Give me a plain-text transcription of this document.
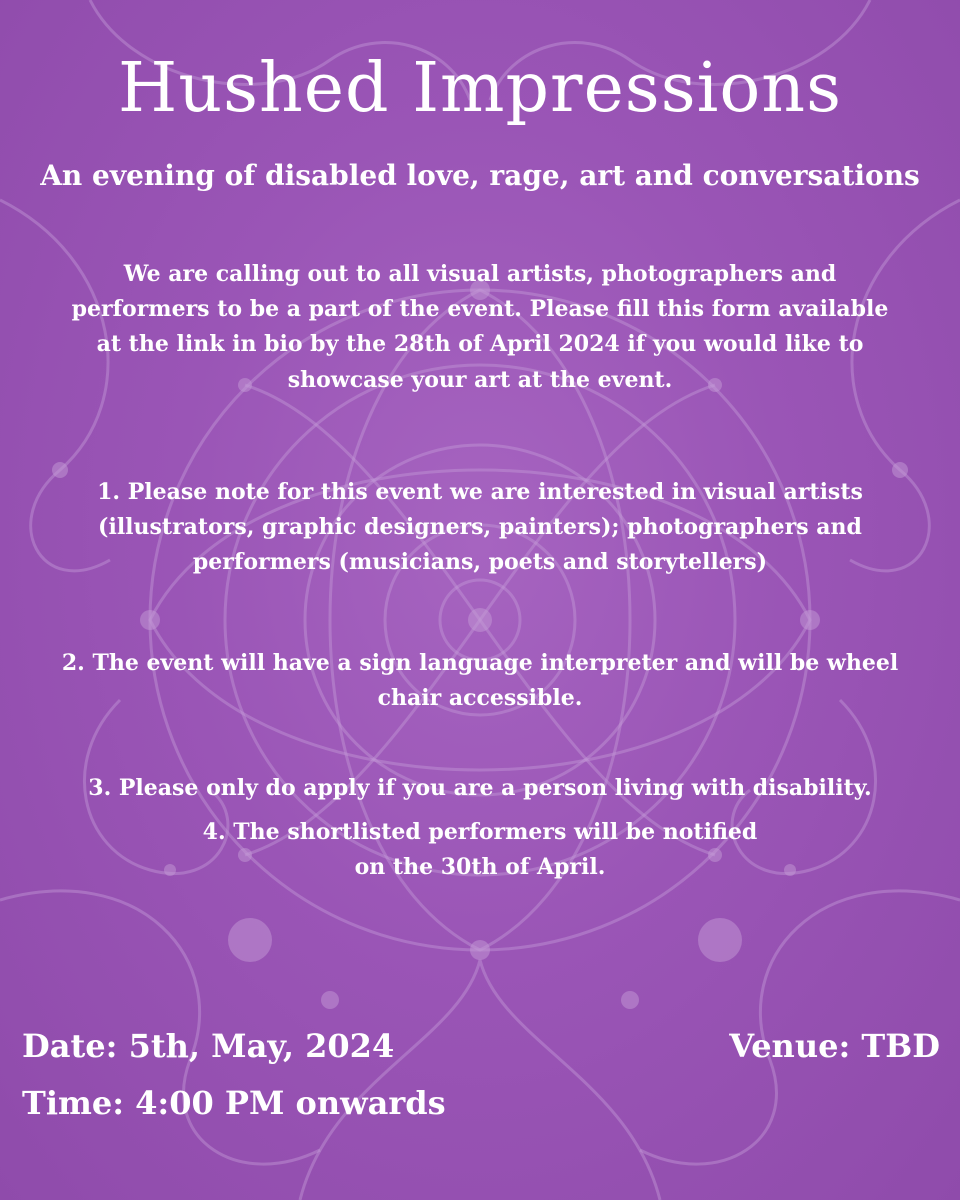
Hushed Impressions
An evening of disabled love, rage, art and conversations

We are calling out to all visual artists, photographers and performers to be a part of the event. Please fill this form available at the link in bio by the 28th of April 2024 if you would like to showcase your art at the event.

1. Please note for this event we are interested in visual artists (illustrators, graphic designers, painters); photographers and performers (musicians, poets and storytellers)

2. The event will have a sign language interpreter and will be wheel chair accessible.

3. Please only do apply if you are a person living with disability.

4. The shortlisted performers will be notified on the 30th of April.

Date: 5th, May, 2024

Time: 4:00 PM onwards

Venue: TBD
